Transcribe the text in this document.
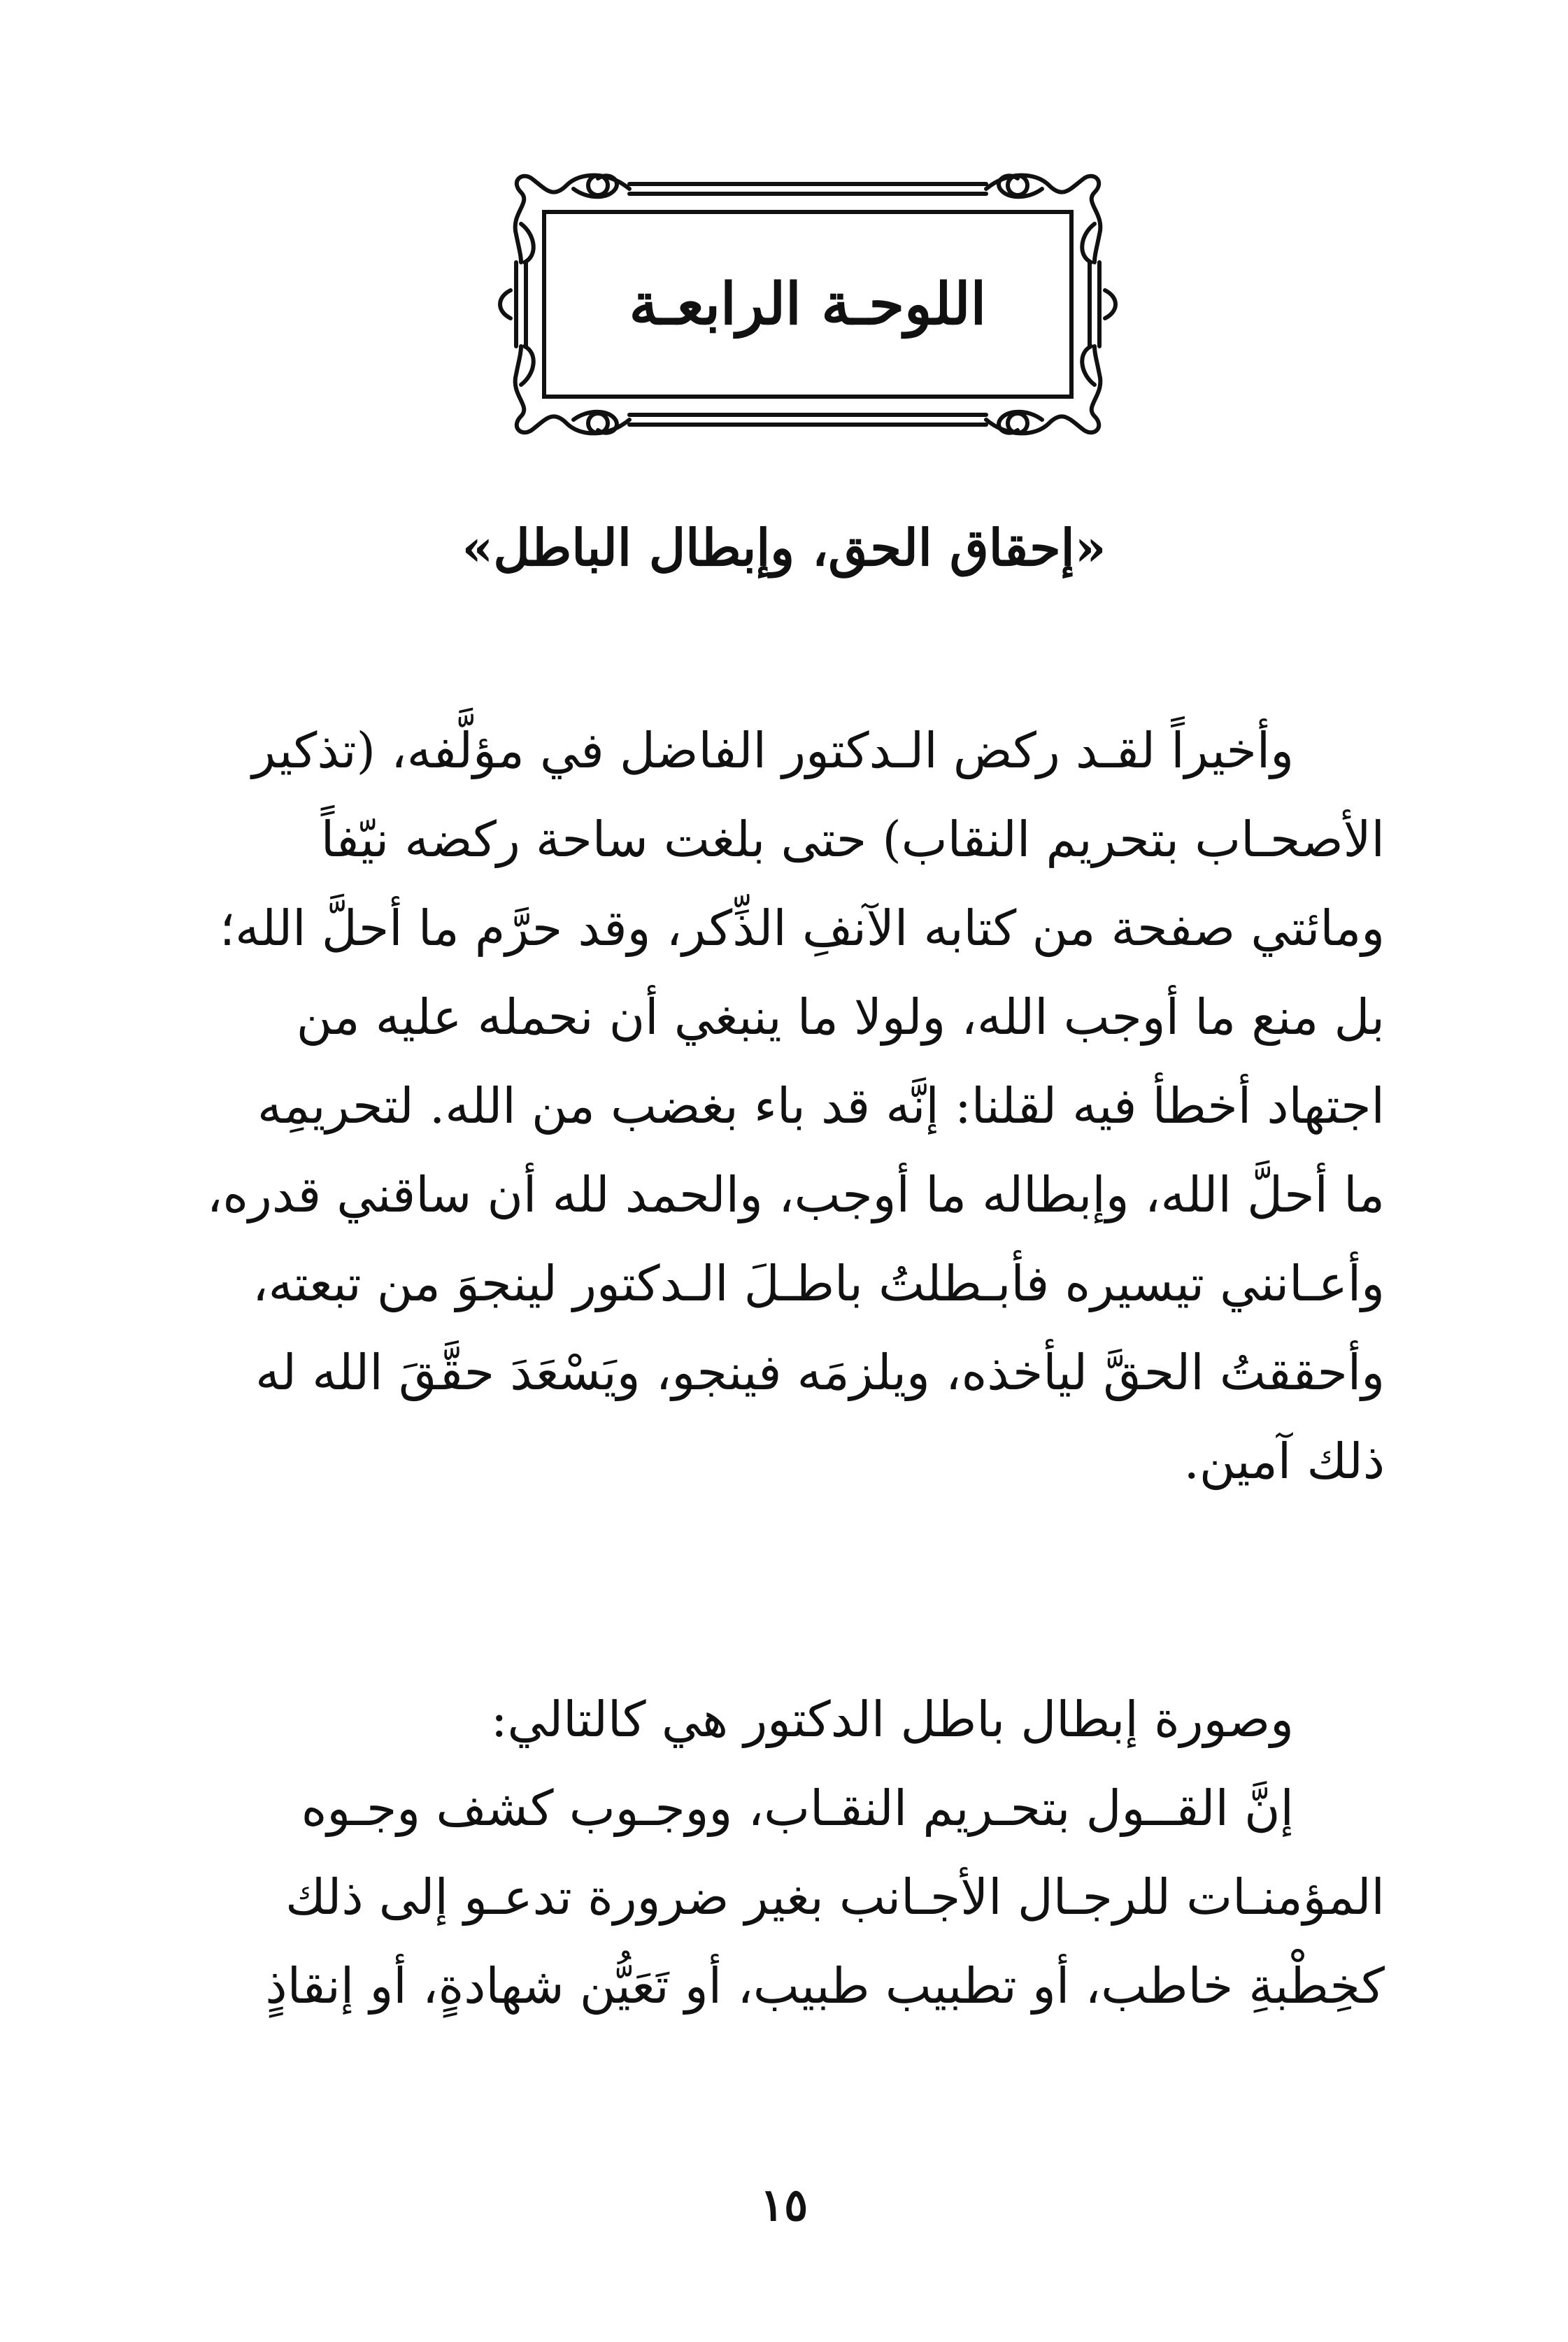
اللوحـة الرابعـة
«إحقاق الحق، وإبطال الباطل»
وأخيراً لقـد ركض الـدكتور الفاضل في مؤلَّفه، (تذكير
الأصحـاب بتحريم النقاب) حتى بلغت ساحة ركضه نيّفاً
ومائتي صفحة من كتابه الآنفِ الذِّكر، وقد حرَّم ما أحلَّ الله؛
بل منع ما أوجب الله، ولولا ما ينبغي أن نحمله عليه من
اجتهاد أخطأ فيه لقلنا: إنَّه قد باء بغضب من الله. لتحريمِه
ما أحلَّ الله، وإبطاله ما أوجب، والحمد لله أن ساقني قدره،
وأعـانني تيسيره فأبـطلتُ باطـلَ الـدكتور لينجوَ من تبعته،
وأحققتُ الحقَّ ليأخذه، ويلزمَه فينجو، ويَسْعَدَ حقَّقَ الله له
ذلك آمين.
وصورة إبطال باطل الدكتور هي كالتالي:
إنَّ القــول بتحـريم النقـاب، ووجـوب كشف وجـوه
المؤمنـات للرجـال الأجـانب بغير ضرورة تدعـو إلى ذلك
كخِطْبةِ خاطب، أو تطبيب طبيب، أو تَعَيُّن شهادةٍ، أو إنقاذٍ
١٥
